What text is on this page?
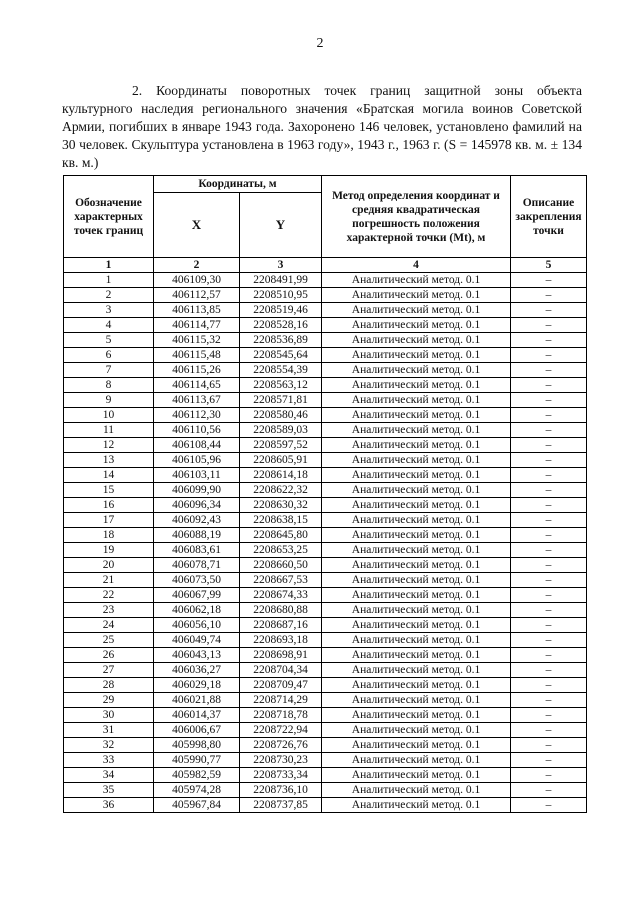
2

2. Координаты поворотных точек границ защитной зоны объекта культурного наследия регионального значения «Братская могила воинов Советской Армии, погибших в январе 1943 года. Захоронено 146 человек, установлено фамилий на 30 человек. Скульптура установлена в 1963 году», 1943 г., 1963 г. (S = 145978 кв. м. ± 134 кв. м.)

Обозначение характерных точек границ	Координаты, м		Метод определения координат и средняя квадратическая погрешность положения характерной точки (Mt), м	Описание закрепления точки
	X	Y		
1	2	3	4	5
1	406109,30	2208491,99	Аналитический метод. 0.1	–
2	406112,57	2208510,95	Аналитический метод. 0.1	–
3	406113,85	2208519,46	Аналитический метод. 0.1	–
4	406114,77	2208528,16	Аналитический метод. 0.1	–
5	406115,32	2208536,89	Аналитический метод. 0.1	–
6	406115,48	2208545,64	Аналитический метод. 0.1	–
7	406115,26	2208554,39	Аналитический метод. 0.1	–
8	406114,65	2208563,12	Аналитический метод. 0.1	–
9	406113,67	2208571,81	Аналитический метод. 0.1	–
10	406112,30	2208580,46	Аналитический метод. 0.1	–
11	406110,56	2208589,03	Аналитический метод. 0.1	–
12	406108,44	2208597,52	Аналитический метод. 0.1	–
13	406105,96	2208605,91	Аналитический метод. 0.1	–
14	406103,11	2208614,18	Аналитический метод. 0.1	–
15	406099,90	2208622,32	Аналитический метод. 0.1	–
16	406096,34	2208630,32	Аналитический метод. 0.1	–
17	406092,43	2208638,15	Аналитический метод. 0.1	–
18	406088,19	2208645,80	Аналитический метод. 0.1	–
19	406083,61	2208653,25	Аналитический метод. 0.1	–
20	406078,71	2208660,50	Аналитический метод. 0.1	–
21	406073,50	2208667,53	Аналитический метод. 0.1	–
22	406067,99	2208674,33	Аналитический метод. 0.1	–
23	406062,18	2208680,88	Аналитический метод. 0.1	–
24	406056,10	2208687,16	Аналитический метод. 0.1	–
25	406049,74	2208693,18	Аналитический метод. 0.1	–
26	406043,13	2208698,91	Аналитический метод. 0.1	–
27	406036,27	2208704,34	Аналитический метод. 0.1	–
28	406029,18	2208709,47	Аналитический метод. 0.1	–
29	406021,88	2208714,29	Аналитический метод. 0.1	–
30	406014,37	2208718,78	Аналитический метод. 0.1	–
31	406006,67	2208722,94	Аналитический метод. 0.1	–
32	405998,80	2208726,76	Аналитический метод. 0.1	–
33	405990,77	2208730,23	Аналитический метод. 0.1	–
34	405982,59	2208733,34	Аналитический метод. 0.1	–
35	405974,28	2208736,10	Аналитический метод. 0.1	–
36	405967,84	2208737,85	Аналитический метод. 0.1	–
